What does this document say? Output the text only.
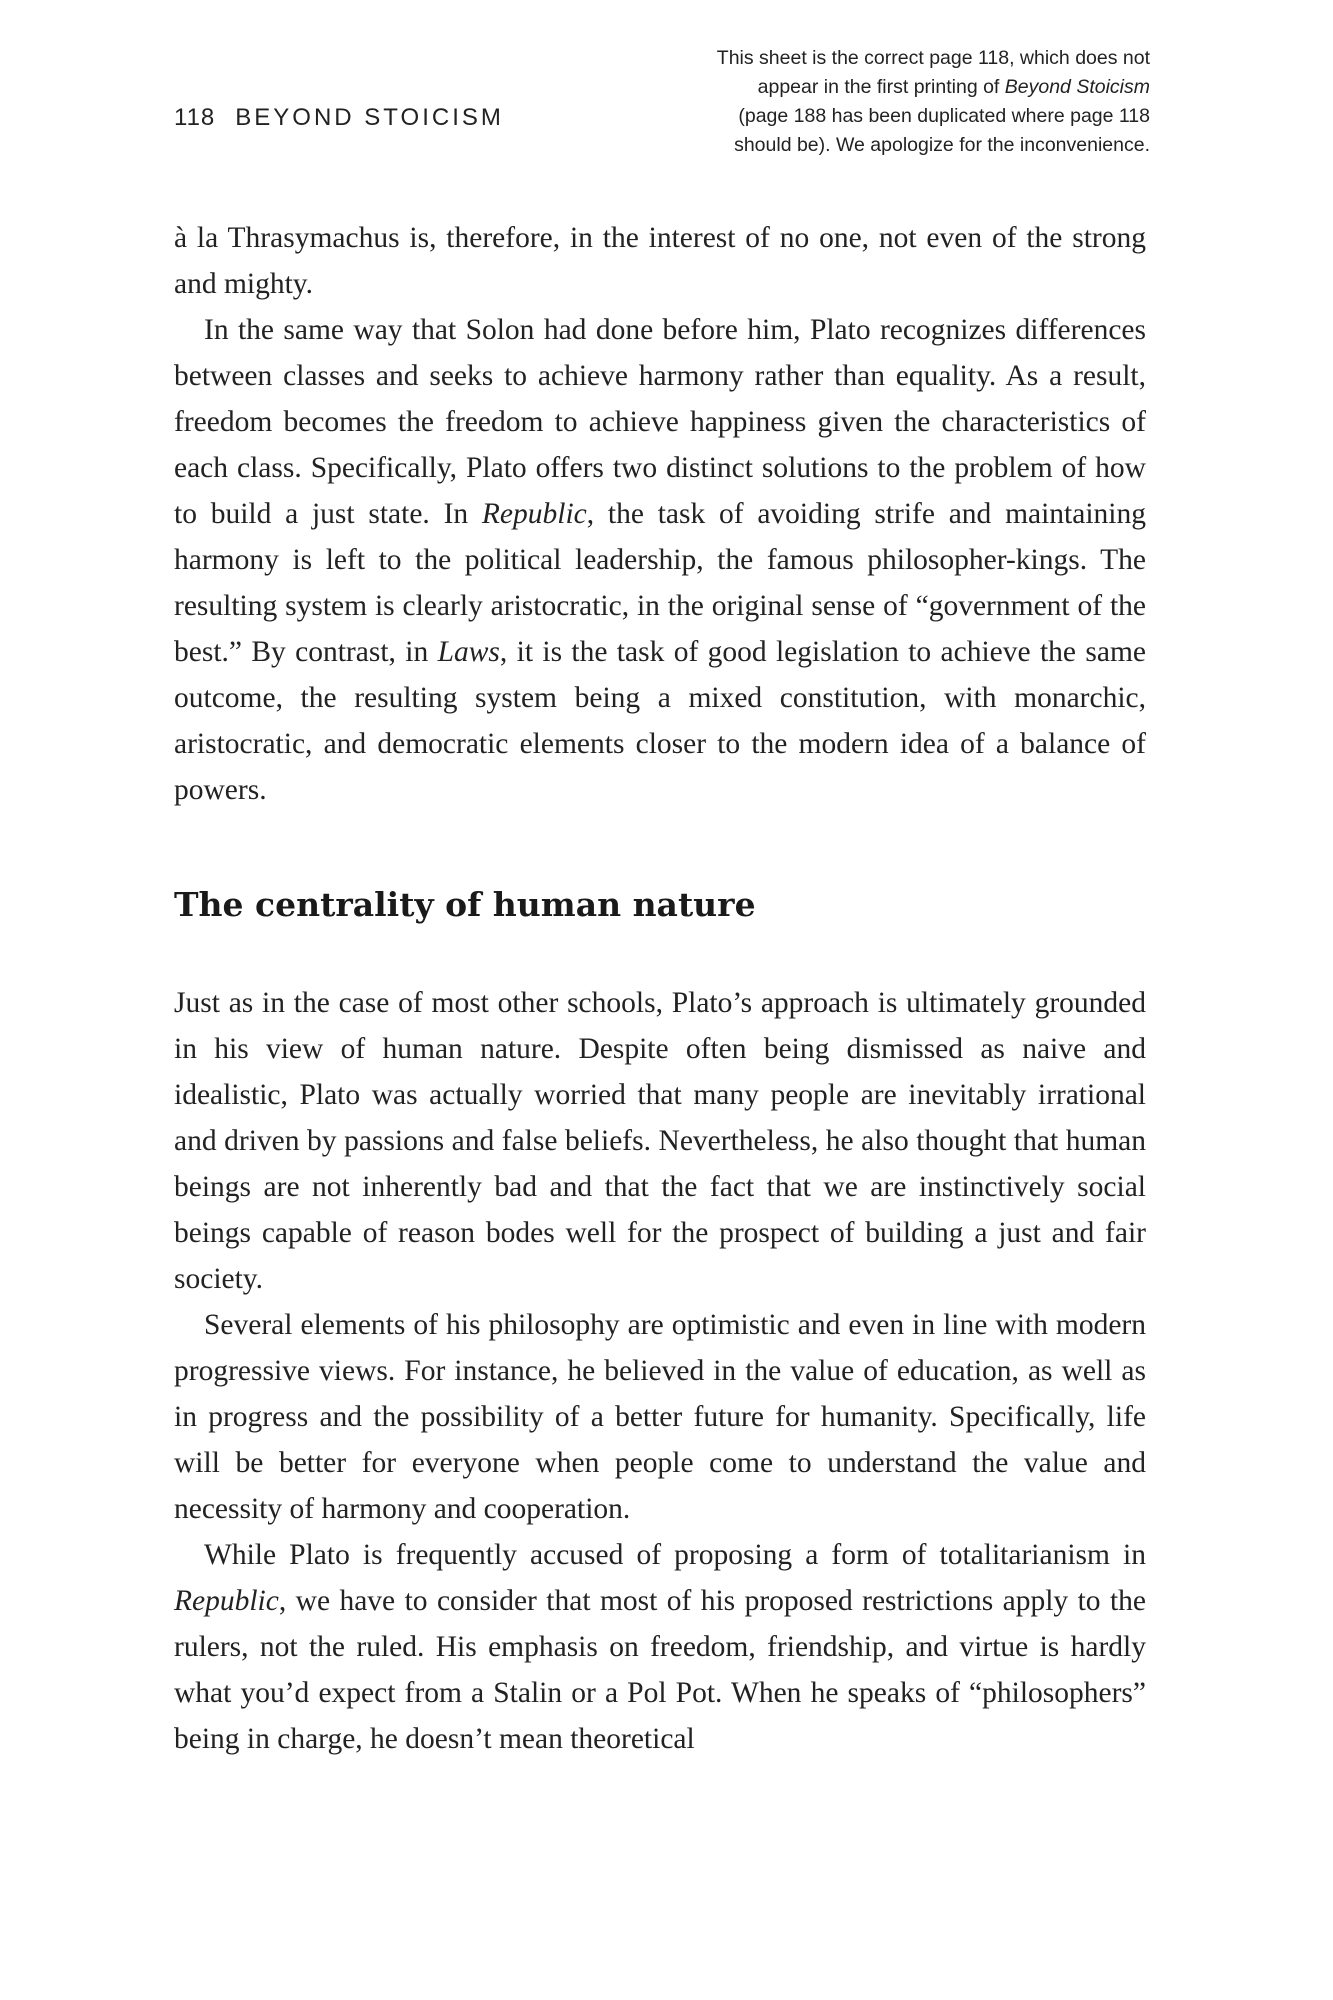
118 BEYOND STOICISM
This sheet is the correct page 118, which does not
appear in the first printing of Beyond Stoicism
(page 188 has been duplicated where page 118
should be). We apologize for the inconvenience.

à la Thrasymachus is, therefore, in the interest of no one, not even of the strong and mighty.

In the same way that Solon had done before him, Plato recognizes differences between classes and seeks to achieve harmony rather than equality. As a result, freedom becomes the freedom to achieve happiness given the characteristics of each class. Specifically, Plato offers two distinct solutions to the problem of how to build a just state. In Republic, the task of avoiding strife and maintaining harmony is left to the political leadership, the famous philosopher-kings. The resulting system is clearly aristocratic, in the original sense of “government of the best.” By contrast, in Laws, it is the task of good legislation to achieve the same outcome, the resulting system being a mixed constitution, with monarchic, aristocratic, and democratic elements closer to the modern idea of a balance of powers.

The centrality of human nature

Just as in the case of most other schools, Plato’s approach is ultimately grounded in his view of human nature. Despite often being dismissed as naive and idealistic, Plato was actually worried that many people are inevitably irrational and driven by passions and false beliefs. Nevertheless, he also thought that human beings are not inherently bad and that the fact that we are instinctively social beings capable of reason bodes well for the prospect of building a just and fair society.

Several elements of his philosophy are optimistic and even in line with modern progressive views. For instance, he believed in the value of education, as well as in progress and the possibility of a better future for humanity. Specifically, life will be better for everyone when people come to understand the value and necessity of harmony and cooperation.

While Plato is frequently accused of proposing a form of totalitarianism in Republic, we have to consider that most of his proposed restrictions apply to the rulers, not the ruled. His emphasis on freedom, friendship, and virtue is hardly what you’d expect from a Stalin or a Pol Pot. When he speaks of “philosophers” being in charge, he doesn’t mean theoretical
